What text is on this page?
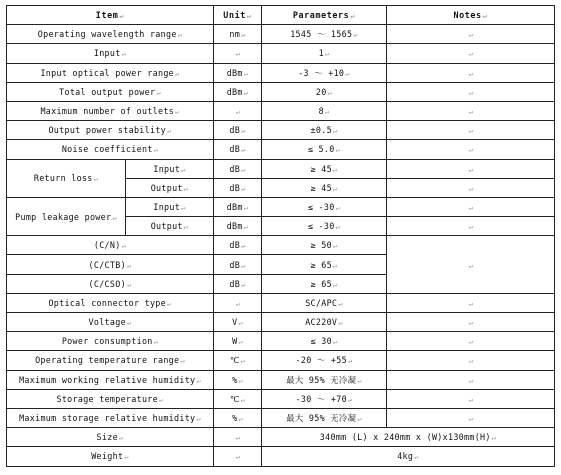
Item↵		Unit↵	Parameters↵	Notes↵
Operating wavelength range↵		nm↵	1545 ～ 1565↵	↵
Input↵		↵	1↵	↵
Input optical power range↵		dBm↵	-3 ～ +10↵	↵
Total output power↵		dBm↵	20↵	↵
Maximum number of outlets↵		↵	8↵	↵
Output power stability↵		dB↵	±0.5↵	↵
Noise coefficient↵		dB↵	≤ 5.0↵	↵
Return loss↵	Input↵	dB↵	≥ 45↵	↵
	Output↵	dB↵	≥ 45↵	↵
Pump leakage power↵	Input↵	dBm↵	≤ -30↵	↵
	Output↵	dBm↵	≤ -30↵	↵
(C/N)↵		dB↵	≥ 50↵	↵
(C/CTB)↵		dB↵	≥ 65↵	
(C/CSO)↵		dB↵	≥ 65↵	
Optical connector type↵		↵	SC/APC↵	↵
Voltage↵		V↵	AC220V↵	↵
Power consumption↵		W↵	≤ 30↵	↵
Operating temperature range↵		℃↵	-20 ～ +55↵	↵
Maximum working relative humidity↵		%↵	最大 95% 无冷凝↵	↵
Storage temperature↵		℃↵	-30 ～ +70↵	↵
Maximum storage relative humidity↵		%↵	最大 95% 无冷凝↵	↵
Size↵		↵	340mm (L) x 240mm x (W)x130mm(H)↵	
Weight↵		↵	4kg↵	
